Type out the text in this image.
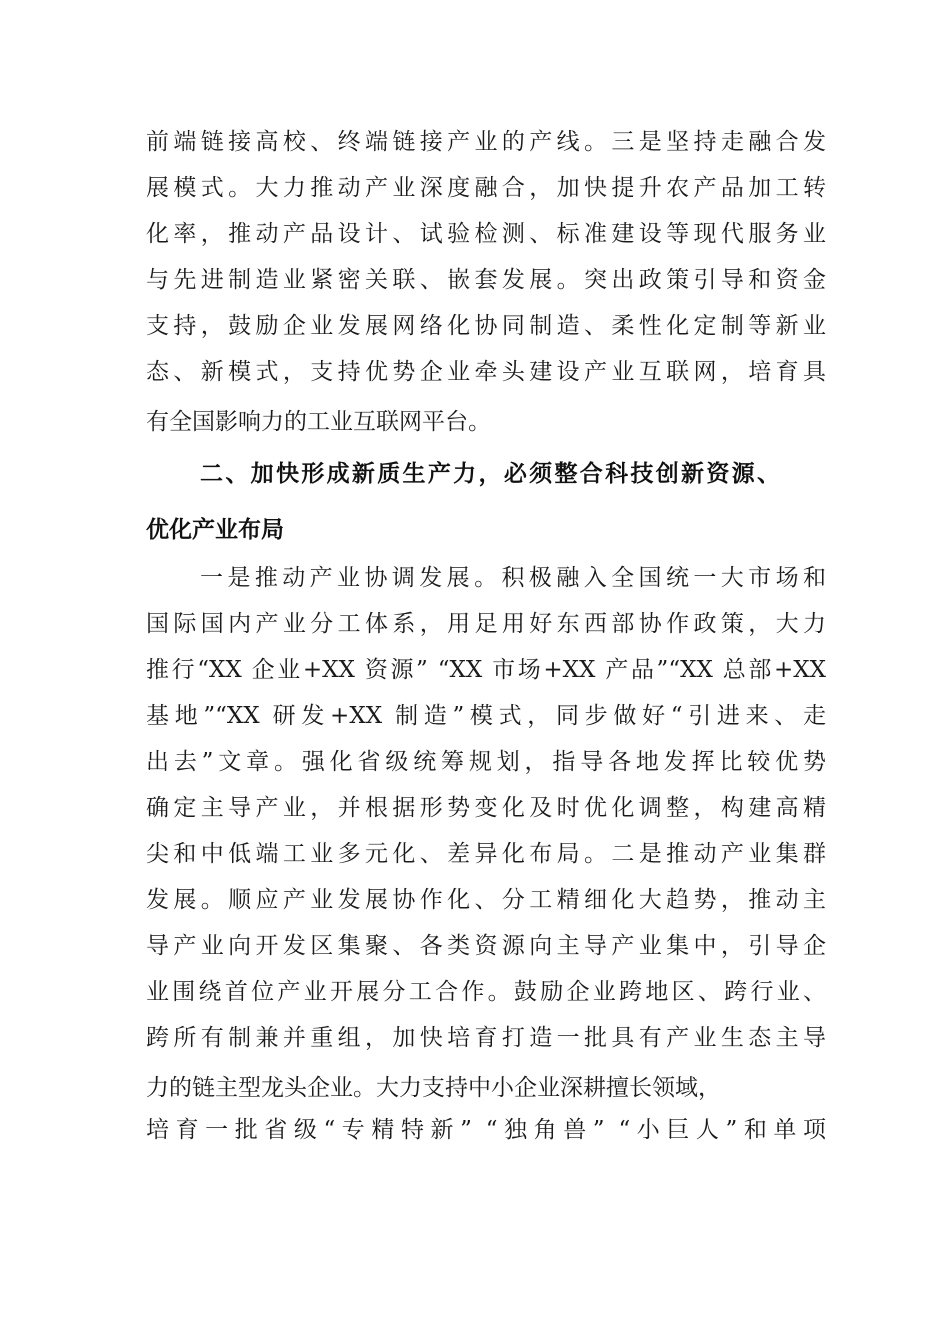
前端链接高校、终端链接产业的产线。三是坚持走融合发
展模式。大力推动产业深度融合，加快提升农产品加工转
化率，推动产品设计、试验检测、标准建设等现代服务业
与先进制造业紧密关联、嵌套发展。突出政策引导和资金
支持，鼓励企业发展网络化协同制造、柔性化定制等新业
态、新模式，支持优势企业牵头建设产业互联网，培育具
有全国影响力的工业互联网平台。
二、加快形成新质生产力，必须整合科技创新资源、
优化产业布局
一是推动产业协调发展。积极融入全国统一大市场和
国际国内产业分工体系，用足用好东西部协作政策，大力
推行“XX 企业+XX 资源” “XX 市场+XX 产品”“XX 总部+XX
基地”“XX 研发+XX 制造”模式，同步做好“引进来、走
出去”文章。强化省级统筹规划，指导各地发挥比较优势
确定主导产业，并根据形势变化及时优化调整，构建高精
尖和中低端工业多元化、差异化布局。二是推动产业集群
发展。顺应产业发展协作化、分工精细化大趋势，推动主
导产业向开发区集聚、各类资源向主导产业集中，引导企
业围绕首位产业开展分工合作。鼓励企业跨地区、跨行业、
跨所有制兼并重组，加快培育打造一批具有产业生态主导
力的链主型龙头企业。大力支持中小企业深耕擅长领域，
培育一批省级“专精特新” “独角兽” “小巨人”和单项
